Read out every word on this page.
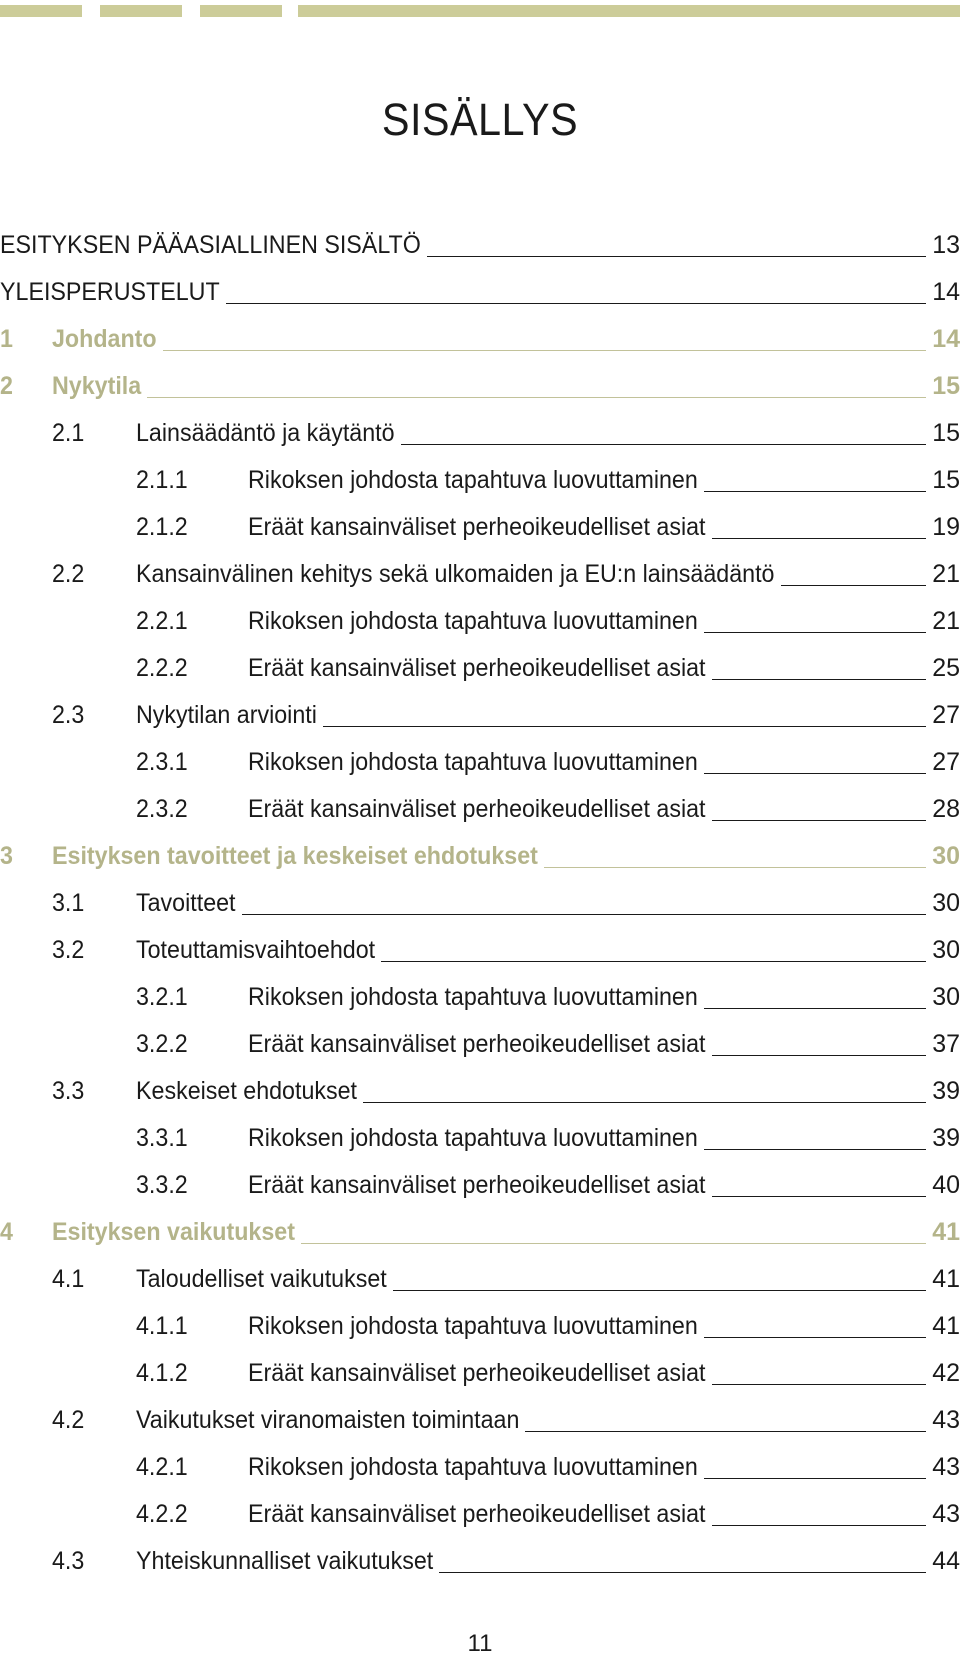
SISÄLLYS
ESITYKSEN PÄÄASIALLINEN SISÄLTÖ	13
YLEISPERUSTELUT	14
1 Johdanto	14
2 Nykytila	15
2.1 Lainsäädäntö ja käytäntö	15
2.1.1 Rikoksen johdosta tapahtuva luovuttaminen	15
2.1.2 Eräät kansainväliset perheoikeudelliset asiat	19
2.2 Kansainvälinen kehitys sekä ulkomaiden ja EU:n lainsäädäntö	21
2.2.1 Rikoksen johdosta tapahtuva luovuttaminen	21
2.2.2 Eräät kansainväliset perheoikeudelliset asiat	25
2.3 Nykytilan arviointi	27
2.3.1 Rikoksen johdosta tapahtuva luovuttaminen	27
2.3.2 Eräät kansainväliset perheoikeudelliset asiat	28
3 Esityksen tavoitteet ja keskeiset ehdotukset	30
3.1 Tavoitteet	30
3.2 Toteuttamisvaihtoehdot	30
3.2.1 Rikoksen johdosta tapahtuva luovuttaminen	30
3.2.2 Eräät kansainväliset perheoikeudelliset asiat	37
3.3 Keskeiset ehdotukset	39
3.3.1 Rikoksen johdosta tapahtuva luovuttaminen	39
3.3.2 Eräät kansainväliset perheoikeudelliset asiat	40
4 Esityksen vaikutukset	41
4.1 Taloudelliset vaikutukset	41
4.1.1 Rikoksen johdosta tapahtuva luovuttaminen	41
4.1.2 Eräät kansainväliset perheoikeudelliset asiat	42
4.2 Vaikutukset viranomaisten toimintaan	43
4.2.1 Rikoksen johdosta tapahtuva luovuttaminen	43
4.2.2 Eräät kansainväliset perheoikeudelliset asiat	43
4.3 Yhteiskunnalliset vaikutukset	44
11
